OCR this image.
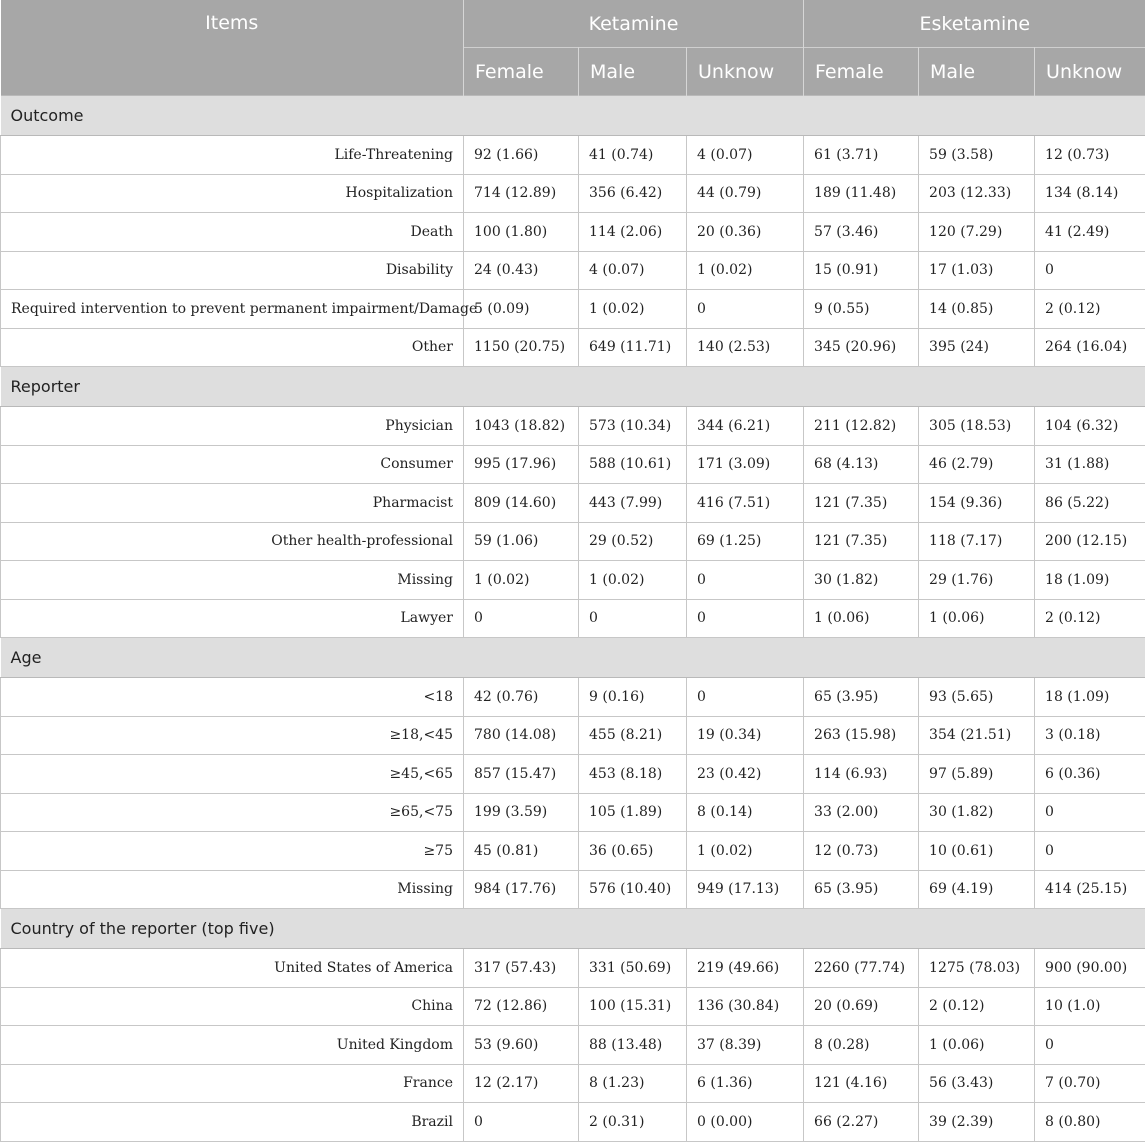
Items	Ketamine			Esketamine		
	Female	Male	Unknow	Female	Male	Unknow
Outcome						
Life-Threatening	92 (1.66)	41 (0.74)	4 (0.07)	61 (3.71)	59 (3.58)	12 (0.73)
Hospitalization	714 (12.89)	356 (6.42)	44 (0.79)	189 (11.48)	203 (12.33)	134 (8.14)
Death	100 (1.80)	114 (2.06)	20 (0.36)	57 (3.46)	120 (7.29)	41 (2.49)
Disability	24 (0.43)	4 (0.07)	1 (0.02)	15 (0.91)	17 (1.03)	0
Required intervention to prevent permanent impairment/Damage	5 (0.09)	1 (0.02)	0	9 (0.55)	14 (0.85)	2 (0.12)
Other	1150 (20.75)	649 (11.71)	140 (2.53)	345 (20.96)	395 (24)	264 (16.04)
Reporter						
Physician	1043 (18.82)	573 (10.34)	344 (6.21)	211 (12.82)	305 (18.53)	104 (6.32)
Consumer	995 (17.96)	588 (10.61)	171 (3.09)	68 (4.13)	46 (2.79)	31 (1.88)
Pharmacist	809 (14.60)	443 (7.99)	416 (7.51)	121 (7.35)	154 (9.36)	86 (5.22)
Other health-professional	59 (1.06)	29 (0.52)	69 (1.25)	121 (7.35)	118 (7.17)	200 (12.15)
Missing	1 (0.02)	1 (0.02)	0	30 (1.82)	29 (1.76)	18 (1.09)
Lawyer	0	0	0	1 (0.06)	1 (0.06)	2 (0.12)
Age						
<18	42 (0.76)	9 (0.16)	0	65 (3.95)	93 (5.65)	18 (1.09)
≥18,<45	780 (14.08)	455 (8.21)	19 (0.34)	263 (15.98)	354 (21.51)	3 (0.18)
≥45,<65	857 (15.47)	453 (8.18)	23 (0.42)	114 (6.93)	97 (5.89)	6 (0.36)
≥65,<75	199 (3.59)	105 (1.89)	8 (0.14)	33 (2.00)	30 (1.82)	0
≥75	45 (0.81)	36 (0.65)	1 (0.02)	12 (0.73)	10 (0.61)	0
Missing	984 (17.76)	576 (10.40)	949 (17.13)	65 (3.95)	69 (4.19)	414 (25.15)
Country of the reporter (top five)						
United States of America	317 (57.43)	331 (50.69)	219 (49.66)	2260 (77.74)	1275 (78.03)	900 (90.00)
China	72 (12.86)	100 (15.31)	136 (30.84)	20 (0.69)	2 (0.12)	10 (1.0)
United Kingdom	53 (9.60)	88 (13.48)	37 (8.39)	8 (0.28)	1 (0.06)	0
France	12 (2.17)	8 (1.23)	6 (1.36)	121 (4.16)	56 (3.43)	7 (0.70)
Brazil	0	2 (0.31)	0 (0.00)	66 (2.27)	39 (2.39)	8 (0.80)
